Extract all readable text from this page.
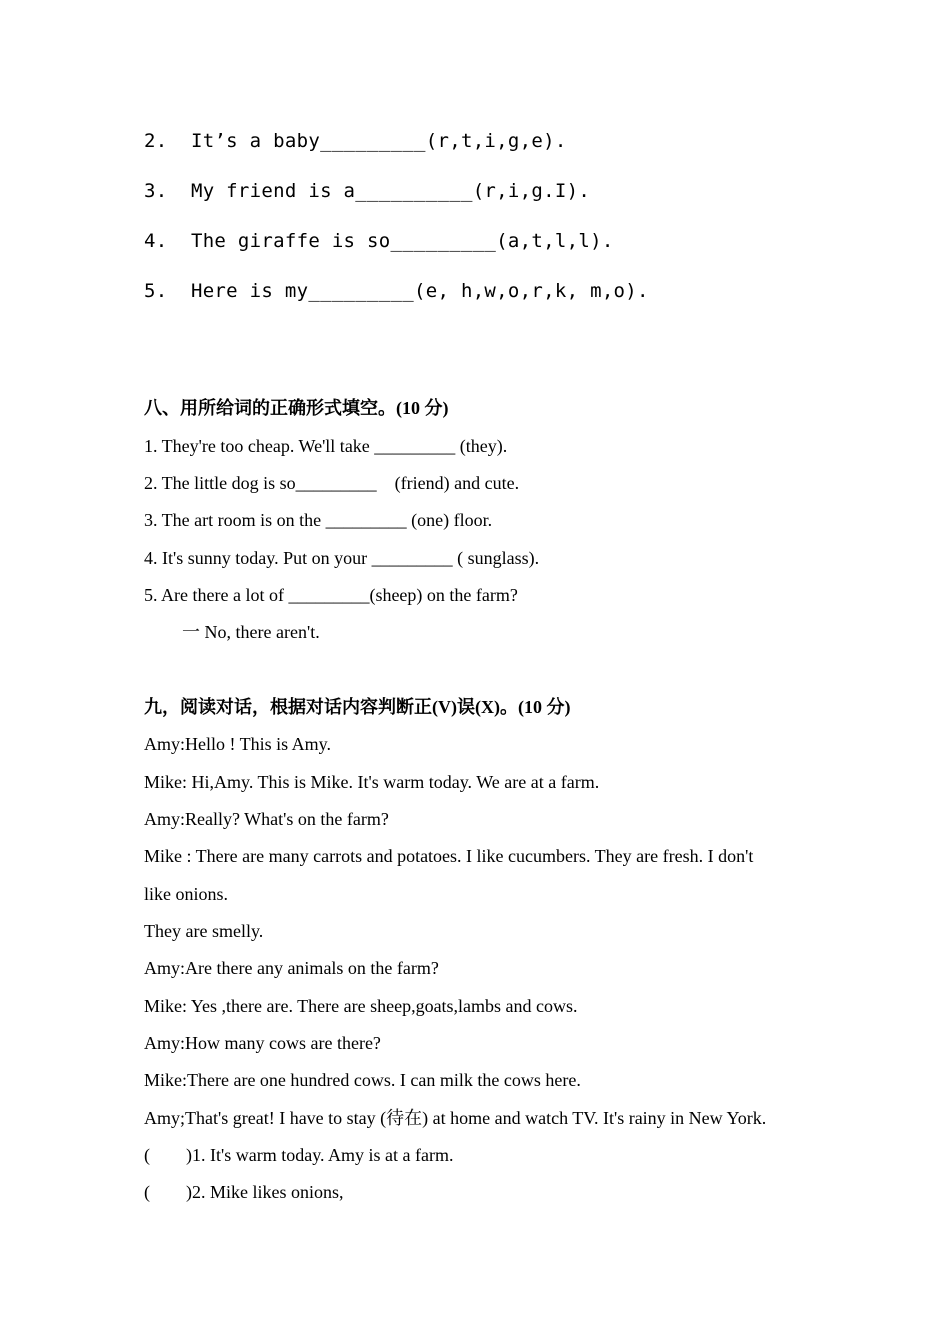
2.  It’s a baby_________(r,t,i,g,e).
3.  My friend is a__________(r,i,g.I).
4.  The giraffe is so_________(a,t,l,l).
5.  Here is my_________(e, h,w,o,r,k, m,o).
八、用所给词的正确形式填空。(10 分)
1. They're too cheap. We'll take _________ (they).
2. The little dog is so_________    (friend) and cute.
3. The art room is on the _________ (one) floor.
4. It's sunny today. Put on your _________ ( sunglass).
5. Are there a lot of _________(sheep) on the farm?
一 No, there aren't.
九，阅读对话，根据对话内容判断正(V)误(X)。(10 分)
Amy:Hello ! This is Amy.
Mike: Hi,Amy. This is Mike. It's warm today. We are at a farm.
Amy:Really? What's on the farm?
Mike : There are many carrots and potatoes. I like cucumbers. They are fresh. I don't
like onions.
They are smelly.
Amy:Are there any animals on the farm?
Mike: Yes ,there are. There are sheep,goats,lambs and cows.
Amy:How many cows are there?
Mike:There are one hundred cows. I can milk the cows here.
Amy;That's great! I have to stay (待在) at home and watch TV. It's rainy in New York.
(        )1. It's warm today. Amy is at a farm.
(        )2. Mike likes onions,
